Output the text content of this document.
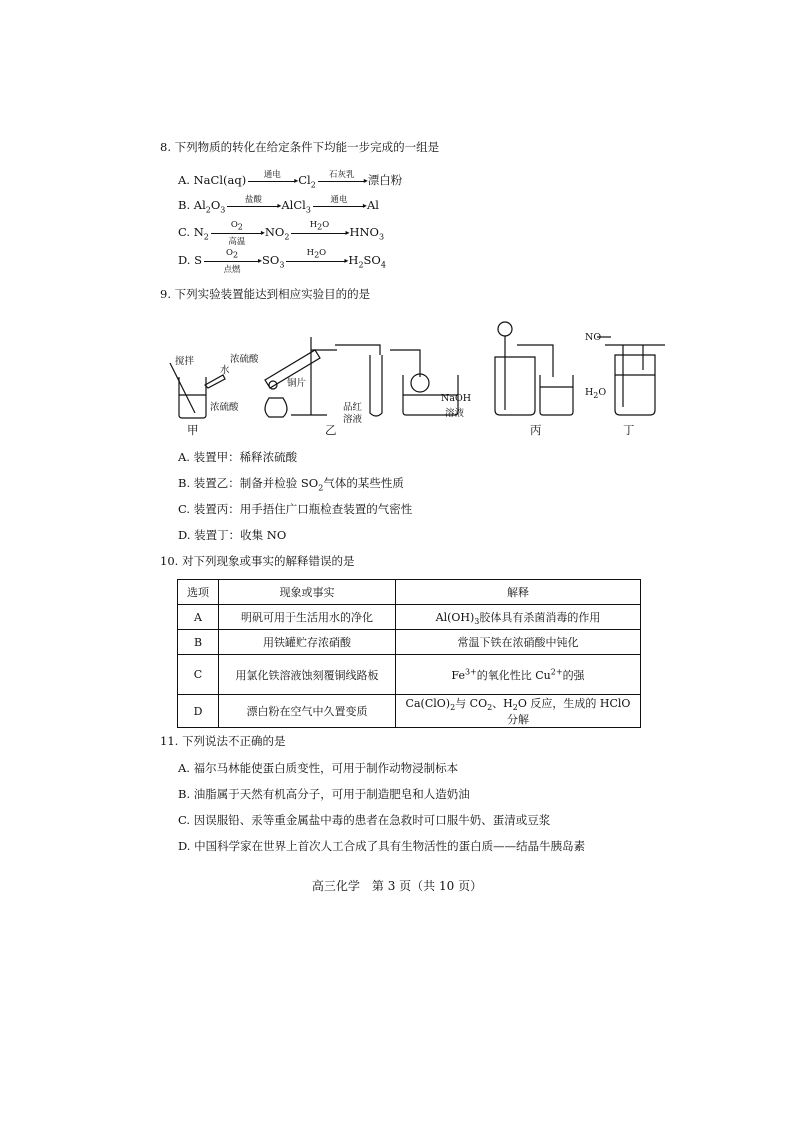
8. 下列物质的转化在给定条件下均能一步完成的一组是
A. NaCl(aq)	通电
▸ $Cl_2$
石灰乳
▸ 漂白粉
B. $Al_2O_3$
盐酸
▸ AlCl$_3$
通电
▸ Al
C. $N_2$
$O_2$
▸
高温
$NO_2$
$H_2O$
▸ $HNO_3$
D. S	$O_2$
▸
点燃
$SO_3$
$H_2O$
▸ $H_2SO_4$
9. 下列实验装置能达到相应实验目的的是
搅拌
水
浓硫酸
浓硫酸
铜片
品红
溶液
NaOH
溶液
NO
$H_2O$
甲	乙	丙	丁
A. 装置甲：稀释浓硫酸
B. 装置乙：制备并检验 $SO_2$气体的某些性质
C. 装置丙：用手捂住广口瓶检查装置的气密性
D. 装置丁：收集 NO
10. 对下列现象或事实的解释错误的是
选项	现象或事实	解释
A	明矾可用于生活用水的净化	$Al(OH)_3$胶体具有杀菌消毒的作用
B	用铁罐贮存浓硝酸	常温下铁在浓硝酸中钝化
C	用氯化铁溶液蚀刻覆铜线路板	$Fe^{3+}$的氧化性比 $Cu^{2+}$的强
D	漂白粉在空气中久置变质	$Ca(ClO)_2$与 $CO_2$、$H_2O$ 反应，生成的 HClO 分解
11. 下列说法不正确的是
A. 福尔马林能使蛋白质变性，可用于制作动物浸制标本
B. 油脂属于天然有机高分子，可用于制造肥皂和人造奶油
C. 因误服铅、汞等重金属盐中毒的患者在急救时可口服牛奶、蛋清或豆浆
D. 中国科学家在世界上首次人工合成了具有生物活性的蛋白质——结晶牛胰岛素
高三化学　第 3 页（共 10 页）
